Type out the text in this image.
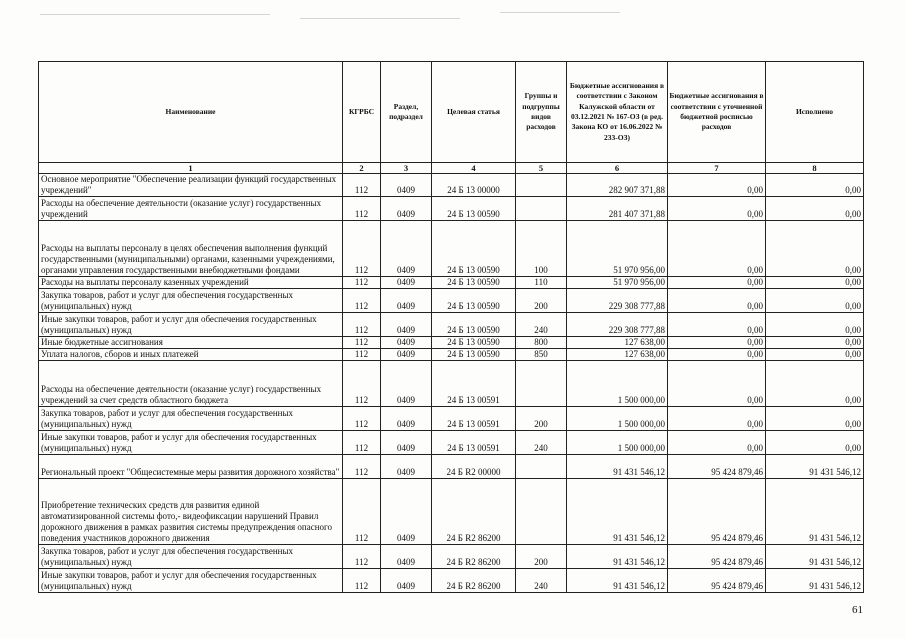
Наименование	КГРБС	Раздел, подраздел	Целевая статья	Группы и подгруппы видов расходов	Бюджетные ассигнования в соответствии с Законом Калужской области от 03.12.2021 № 167-ОЗ (в ред. Закона КО от 16.06.2022 № 233-ОЗ)	Бюджетные ассигнования в соответствии с уточненной бюджетной росписью расходов	Исполнено
1	2	3	4	5	6	7	8
Основное мероприятие "Обеспечение реализации функций государственных учреждений"	112	0409	24 Б 13 00000		282 907 371,88	0,00	0,00
Расходы на обеспечение деятельности (оказание услуг) государственных учреждений	112	0409	24 Б 13 00590		281 407 371,88	0,00	0,00
Расходы на выплаты персоналу в целях обеспечения выполнения функций государственными (муниципальными) органами, казенными учреждениями, органами управления государственными внебюджетными фондами	112	0409	24 Б 13 00590	100	51 970 956,00	0,00	0,00
Расходы на выплаты персоналу казенных учреждений	112	0409	24 Б 13 00590	110	51 970 956,00	0,00	0,00
Закупка товаров, работ и услуг для обеспечения государственных (муниципальных) нужд	112	0409	24 Б 13 00590	200	229 308 777,88	0,00	0,00
Иные закупки товаров, работ и услуг для обеспечения государственных (муниципальных) нужд	112	0409	24 Б 13 00590	240	229 308 777,88	0,00	0,00
Иные бюджетные ассигнования	112	0409	24 Б 13 00590	800	127 638,00	0,00	0,00
Уплата налогов, сборов и иных платежей	112	0409	24 Б 13 00590	850	127 638,00	0,00	0,00
Расходы на обеспечение деятельности (оказание услуг) государственных учреждений за счет средств областного бюджета	112	0409	24 Б 13 00591		1 500 000,00	0,00	0,00
Закупка товаров, работ и услуг для обеспечения государственных (муниципальных) нужд	112	0409	24 Б 13 00591	200	1 500 000,00	0,00	0,00
Иные закупки товаров, работ и услуг для обеспечения государственных (муниципальных) нужд	112	0409	24 Б 13 00591	240	1 500 000,00	0,00	0,00
Региональный проект "Общесистемные меры развития дорожного хозяйства"	112	0409	24 Б R2 00000		91 431 546,12	95 424 879,46	91 431 546,12
Приобретение технических средств для развития единой автоматизированной системы фото,- видеофиксации нарушений Правил дорожного движения в рамках развития системы предупреждения опасного поведения участников дорожного движения	112	0409	24 Б R2 86200		91 431 546,12	95 424 879,46	91 431 546,12
Закупка товаров, работ и услуг для обеспечения государственных (муниципальных) нужд	112	0409	24 Б R2 86200	200	91 431 546,12	95 424 879,46	91 431 546,12
Иные закупки товаров, работ и услуг для обеспечения государственных (муниципальных) нужд	112	0409	24 Б R2 86200	240	91 431 546,12	95 424 879,46	91 431 546,12
61
